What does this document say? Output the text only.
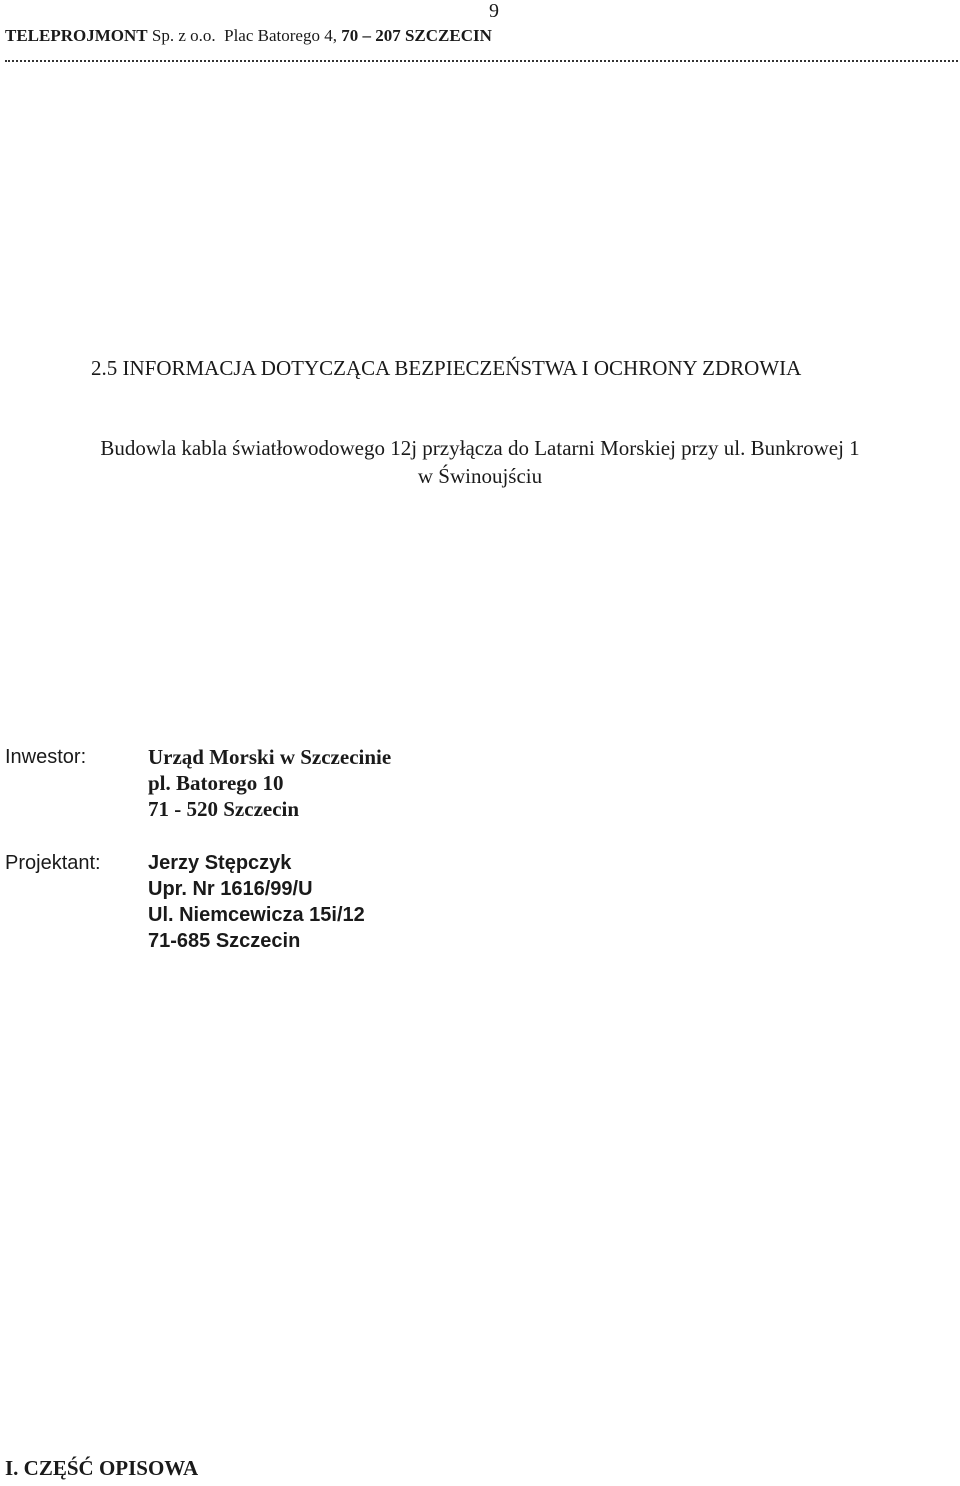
9
TELEPROJMONT Sp. z o.o. Plac Batorego 4, 70 – 207 SZCZECIN
2.5 INFORMACJA DOTYCZĄCA BEZPIECZEŃSTWA I OCHRONY ZDROWIA
Budowla kabla światłowodowego 12j przyłącza do Latarni Morskiej przy ul. Bunkrowej 1
w Świnoujściu
Inwestor:	Urząd Morski w Szczecinie
pl. Batorego 10
71 - 520 Szczecin
Projektant: Jerzy Stępczyk
Upr. Nr 1616/99/U
Ul. Niemcewicza 15i/12
71-685 Szczecin
I. CZĘŚĆ OPISOWA
